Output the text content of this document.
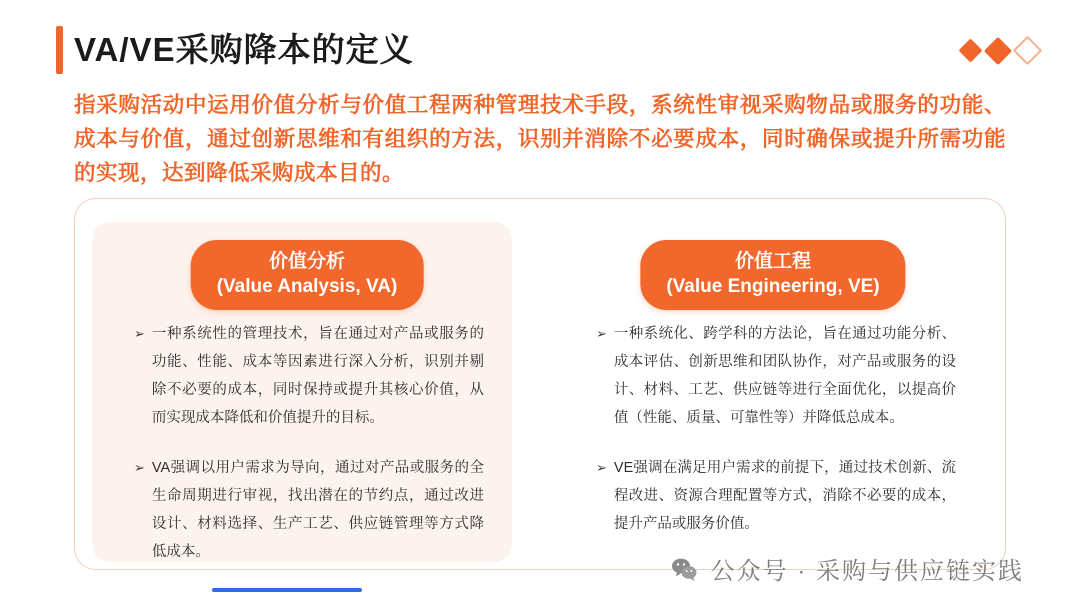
VA/VE采购降本的定义
指采购活动中运用价值分析与价值工程两种管理技术手段，系统性审视采购物品或服务的功能、成本与价值，通过创新思维和有组织的方法，识别并消除不必要成本，同时确保或提升所需功能的实现，达到降低采购成本目的。
价值分析
(Value Analysis, VA)
➢ 一种系统性的管理技术，旨在通过对产品或服务的功能、性能、成本等因素进行深入分析，识别并剔除不必要的成本，同时保持或提升其核心价值，从而实现成本降低和价值提升的目标。
➢ VA强调以用户需求为导向，通过对产品或服务的全生命周期进行审视，找出潜在的节约点，通过改进设计、材料选择、生产工艺、供应链管理等方式降低成本。
价值工程
(Value Engineering, VE)
➢ 一种系统化、跨学科的方法论，旨在通过功能分析、成本评估、创新思维和团队协作，对产品或服务的设计、材料、工艺、供应链等进行全面优化，以提高价值（性能、质量、可靠性等）并降低总成本。
➢ VE强调在满足用户需求的前提下，通过技术创新、流程改进、资源合理配置等方式，消除不必要的成本，提升产品或服务价值。
公众号 · 采购与供应链实践
